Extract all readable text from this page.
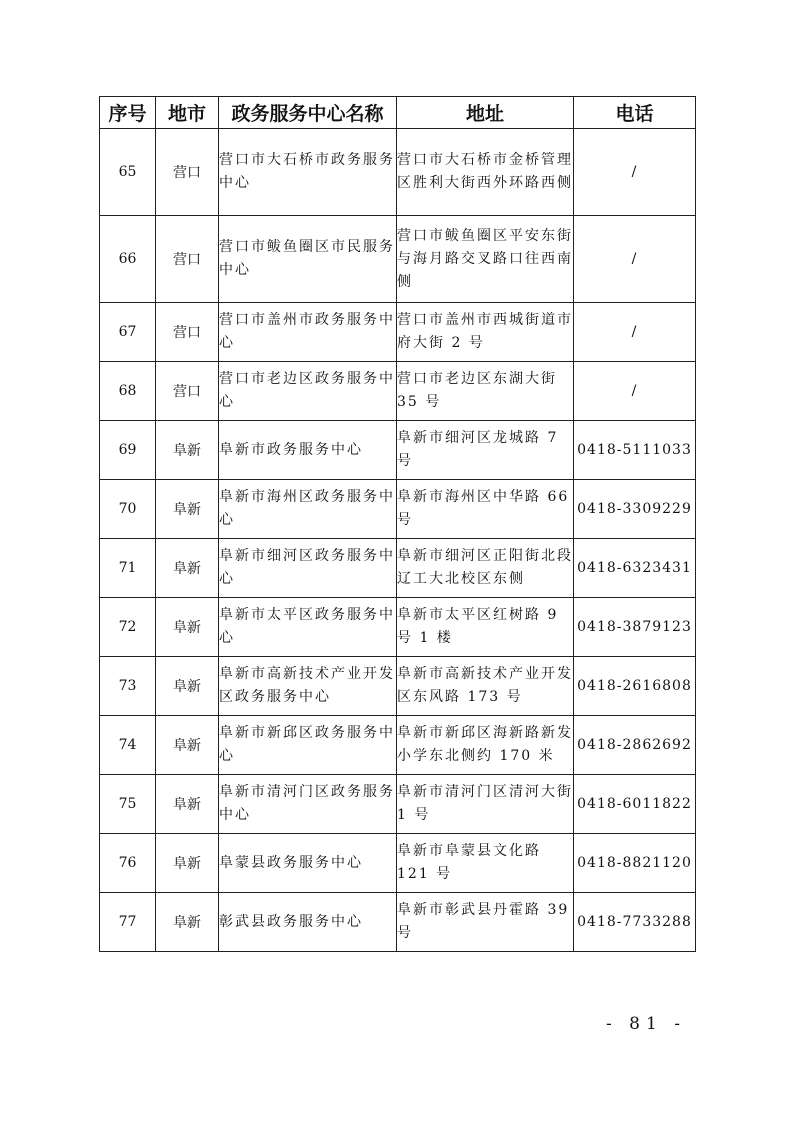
序号	地市	政务服务中心名称	地址	电话
65	营口	营口市大石桥市政务服务中心	营口市大石桥市金桥管理区胜利大街西外环路西侧	/
66	营口	营口市鲅鱼圈区市民服务中心	营口市鲅鱼圈区平安东街与海月路交叉路口往西南侧	/
67	营口	营口市盖州市政务服务中心	营口市盖州市西城街道市府大街 2 号	/
68	营口	营口市老边区政务服务中心	营口市老边区东湖大街 35 号	/
69	阜新	阜新市政务服务中心	阜新市细河区龙城路 7 号	0418-5111033
70	阜新	阜新市海州区政务服务中心	阜新市海州区中华路 66 号	0418-3309229
71	阜新	阜新市细河区政务服务中心	阜新市细河区正阳街北段辽工大北校区东侧	0418-6323431
72	阜新	阜新市太平区政务服务中心	阜新市太平区红树路 9 号 1 楼	0418-3879123
73	阜新	阜新市高新技术产业开发区政务服务中心	阜新市高新技术产业开发区东风路 173 号	0418-2616808
74	阜新	阜新市新邱区政务服务中心	阜新市新邱区海新路新发小学东北侧约 170 米	0418-2862692
75	阜新	阜新市清河门区政务服务中心	阜新市清河门区清河大街 1 号	0418-6011822
76	阜新	阜蒙县政务服务中心	阜新市阜蒙县文化路 121 号	0418-8821120
77	阜新	彰武县政务服务中心	阜新市彰武县丹霍路 39 号	0418-7733288
- 81 -
